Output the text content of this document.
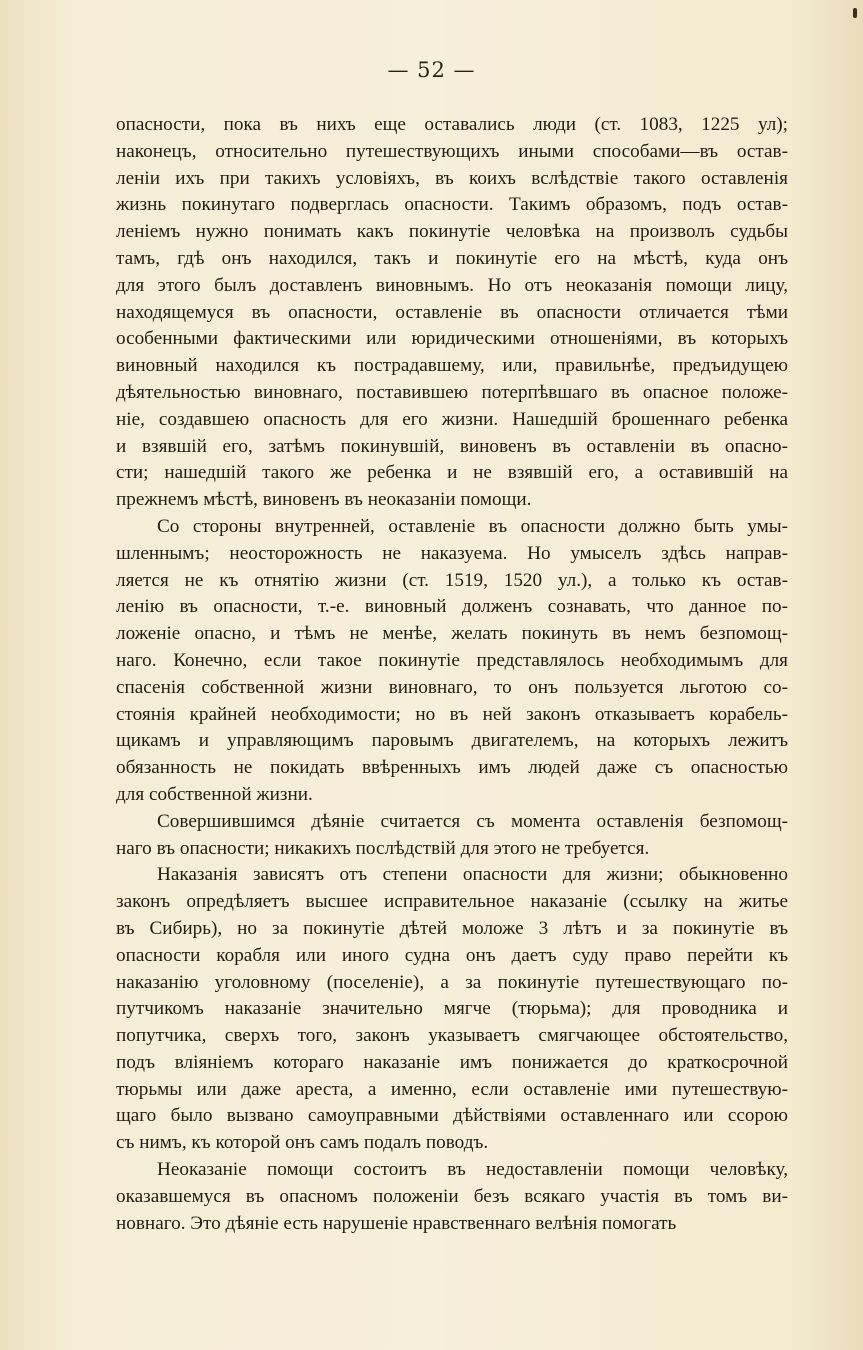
— 52 —
опасности, пока въ нихъ еще оставались люди (ст. 1083, 1225 ул);
наконецъ, относительно путешествующихъ иными способами—въ остав-
леніи ихъ при такихъ условіяхъ, въ коихъ вслѣдствіе такого оставленія
жизнь покинутаго подверглась опасности. Такимъ образомъ, подъ остав-
леніемъ нужно понимать какъ покинутіе человѣка на произволъ судьбы
тамъ, гдѣ онъ находился, такъ и покинутіе его на мѣстѣ, куда онъ
для этого былъ доставленъ виновнымъ. Но отъ неоказанія помощи лицу,
находящемуся въ опасности, оставленіе въ опасности отличается тѣми
особенными фактическими или юридическими отношеніями, въ которыхъ
виновный находился къ пострадавшему, или, правильнѣе, предъидущею
дѣятельностью виновнаго, поставившею потерпѣвшаго въ опасное положе-
ніе, создавшею опасность для его жизни. Нашедшій брошеннаго ребенка
и взявшій его, затѣмъ покинувшій, виновенъ въ оставленіи въ опасно-
сти; нашедшій такого же ребенка и не взявшій его, а оставившій на
прежнемъ мѣстѣ, виновенъ въ неоказаніи помощи.
Со стороны внутренней, оставленіе въ опасности должно быть умы-
шленнымъ; неосторожность не наказуема. Но умыселъ здѣсь направ-
ляется не къ отнятію жизни (ст. 1519, 1520 ул.), а только къ остав-
ленію въ опасности, т.-е. виновный долженъ сознавать, что данное по-
ложеніе опасно, и тѣмъ не менѣе, желать покинуть въ немъ безпомощ-
наго. Конечно, если такое покинутіе представлялось необходимымъ для
спасенія собственной жизни виновнаго, то онъ пользуется льготою со-
стоянія крайней необходимости; но въ ней законъ отказываетъ корабель-
щикамъ и управляющимъ паровымъ двигателемъ, на которыхъ лежитъ
обязанность не покидать ввѣренныхъ имъ людей даже съ опасностью
для собственной жизни.
Совершившимся дѣяніе считается съ момента оставленія безпомощ-
наго въ опасности; никакихъ послѣдствій для этого не требуется.
Наказанія зависятъ отъ степени опасности для жизни; обыкновенно
законъ опредѣляетъ высшее исправительное наказаніе (ссылку на житье
въ Сибирь), но за покинутіе дѣтей моложе 3 лѣтъ и за покинутіе въ
опасности корабля или иного судна онъ даетъ суду право перейти къ
наказанію уголовному (поселеніе), а за покинутіе путешествующаго по-
путчикомъ наказаніе значительно мягче (тюрьма); для проводника и
попутчика, сверхъ того, законъ указываетъ смягчающее обстоятельство,
подъ вліяніемъ котораго наказаніе имъ понижается до краткосрочной
тюрьмы или даже ареста, а именно, если оставленіе ими путешествую-
щаго было вызвано самоуправными дѣйствіями оставленнаго или ссорою
съ нимъ, къ которой онъ самъ подалъ поводъ.
Неоказаніе помощи состоитъ въ недоставленіи помощи человѣку,
оказавшемуся въ опасномъ положеніи безъ всякаго участія въ томъ ви-
новнаго. Это дѣяніе есть нарушеніе нравственнаго велѣнія помогать
